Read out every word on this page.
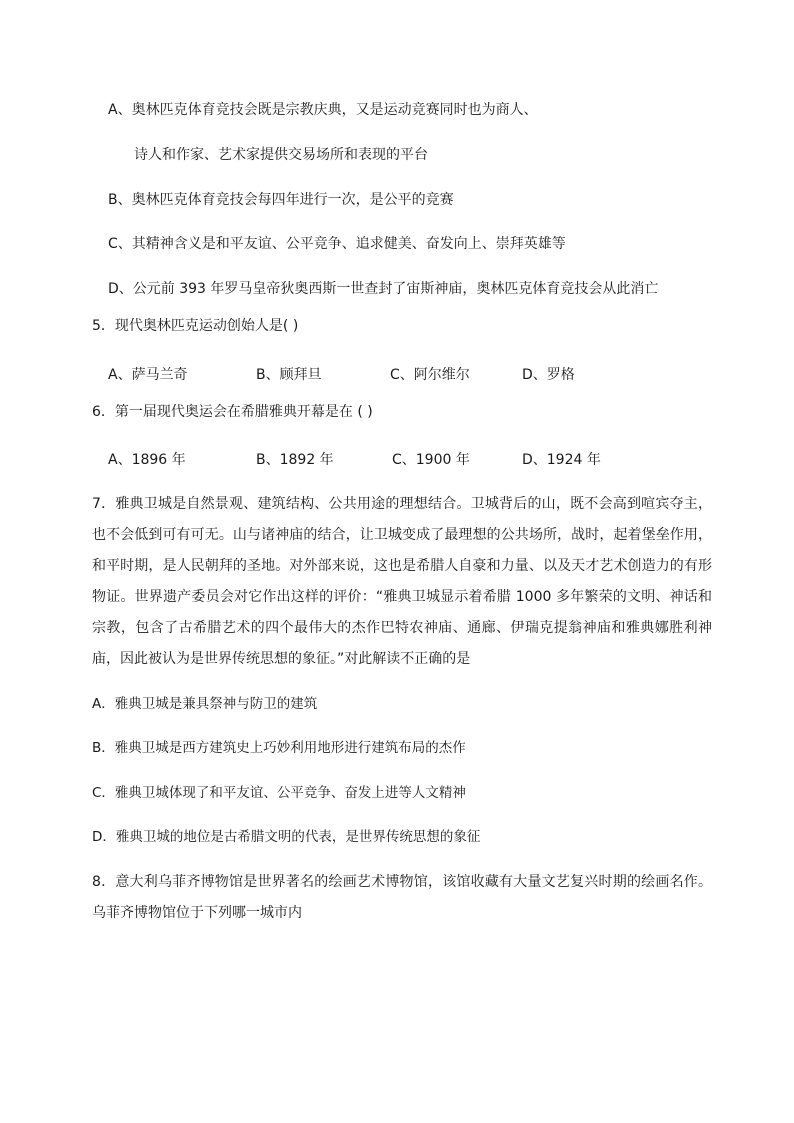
A、奥林匹克体育竞技会既是宗教庆典，又是运动竞赛同时也为商人、
诗人和作家、艺术家提供交易场所和表现的平台
B、奥林匹克体育竞技会每四年进行一次，是公平的竞赛
C、其精神含义是和平友谊、公平竞争、追求健美、奋发向上、崇拜英雄等
D、公元前 393 年罗马皇帝狄奥西斯一世查封了宙斯神庙，奥林匹克体育竞技会从此消亡
5．现代奥林匹克运动创始人是( )
A、萨马兰奇	B、顾拜旦	C、阿尔维尔	D、罗格
6．第一届现代奥运会在希腊雅典开幕是在 ( )
A、1896 年	B、1892 年	C、1900 年	D、1924 年
7．雅典卫城是自然景观、建筑结构、公共用途的理想结合。卫城背后的山，既不会高到喧宾夺主，也不会低到可有可无。山与诸神庙的结合，让卫城变成了最理想的公共场所，战时，起着堡垒作用，和平时期，是人民朝拜的圣地。对外部来说，这也是希腊人自豪和力量、以及天才艺术创造力的有形物证。世界遗产委员会对它作出这样的评价：“雅典卫城显示着希腊 1000 多年繁荣的文明、神话和宗教，包含了古希腊艺术的四个最伟大的杰作巴特农神庙、通廊、伊瑞克提翁神庙和雅典娜胜利神庙，因此被认为是世界传统思想的象征。”对此解读不正确的是
A．雅典卫城是兼具祭神与防卫的建筑
B．雅典卫城是西方建筑史上巧妙利用地形进行建筑布局的杰作
C．雅典卫城体现了和平友谊、公平竞争、奋发上进等人文精神
D．雅典卫城的地位是古希腊文明的代表，是世界传统思想的象征
8．意大利乌菲齐博物馆是世界著名的绘画艺术博物馆，该馆收藏有大量文艺复兴时期的绘画名作。乌菲齐博物馆位于下列哪一城市内
